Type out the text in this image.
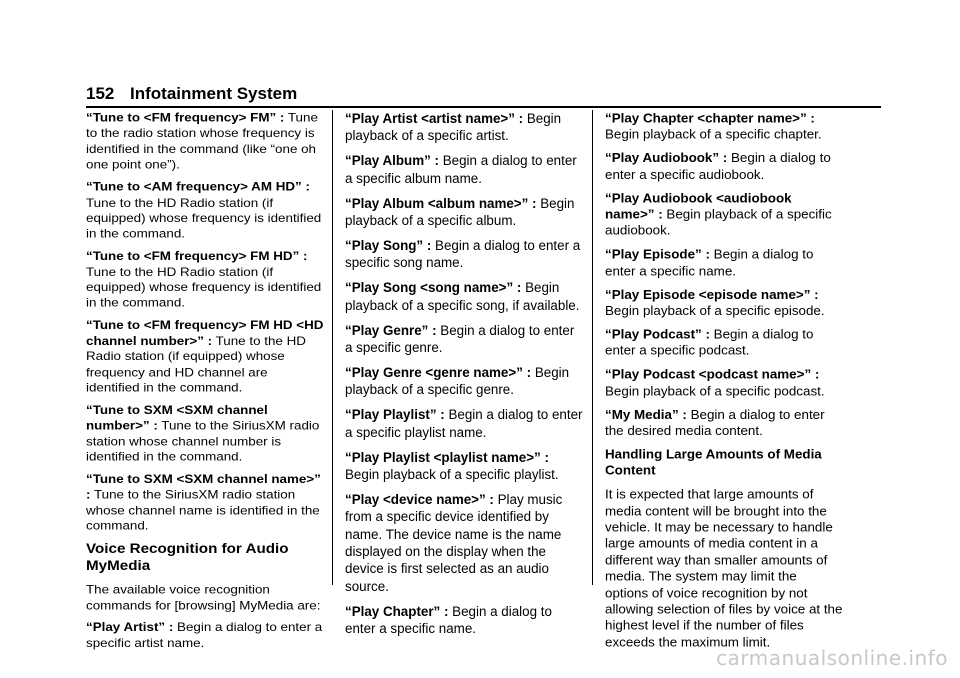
152 Infotainment System

“Tune to <FM frequency> FM” : Tune to the radio station whose frequency is identified in the command (like “one oh one point one”).

“Tune to <AM frequency> AM HD” : Tune to the HD Radio station (if equipped) whose frequency is identified in the command.

“Tune to <FM frequency> FM HD” : Tune to the HD Radio station (if equipped) whose frequency is identified in the command.

“Tune to <FM frequency> FM HD <HD channel number>” : Tune to the HD Radio station (if equipped) whose frequency and HD channel are identified in the command.

“Tune to SXM <SXM channel number>” : Tune to the SiriusXM radio station whose channel number is identified in the command.

“Tune to SXM <SXM channel name>” : Tune to the SiriusXM radio station whose channel name is identified in the command.

Voice Recognition for Audio MyMedia

The available voice recognition commands for [browsing] MyMedia are:

“Play Artist” : Begin a dialog to enter a specific artist name.

“Play Artist <artist name>” : Begin playback of a specific artist.

“Play Album” : Begin a dialog to enter a specific album name.

“Play Album <album name>” : Begin playback of a specific album.

“Play Song” : Begin a dialog to enter a specific song name.

“Play Song <song name>” : Begin playback of a specific song, if available.

“Play Genre” : Begin a dialog to enter a specific genre.

“Play Genre <genre name>” : Begin playback of a specific genre.

“Play Playlist” : Begin a dialog to enter a specific playlist name.

“Play Playlist <playlist name>” : Begin playback of a specific playlist.

“Play <device name>” : Play music from a specific device identified by name. The device name is the name displayed on the display when the device is first selected as an audio source.

“Play Chapter” : Begin a dialog to enter a specific name.

“Play Chapter <chapter name>” : Begin playback of a specific chapter.

“Play Audiobook” : Begin a dialog to enter a specific audiobook.

“Play Audiobook <audiobook name>” : Begin playback of a specific audiobook.

“Play Episode” : Begin a dialog to enter a specific name.

“Play Episode <episode name>” : Begin playback of a specific episode.

“Play Podcast” : Begin a dialog to enter a specific podcast.

“Play Podcast <podcast name>” : Begin playback of a specific podcast.

“My Media” : Begin a dialog to enter the desired media content.

Handling Large Amounts of Media Content

It is expected that large amounts of media content will be brought into the vehicle. It may be necessary to handle large amounts of media content in a different way than smaller amounts of media. The system may limit the options of voice recognition by not allowing selection of files by voice at the highest level if the number of files exceeds the maximum limit.

carmanualsonline.info
